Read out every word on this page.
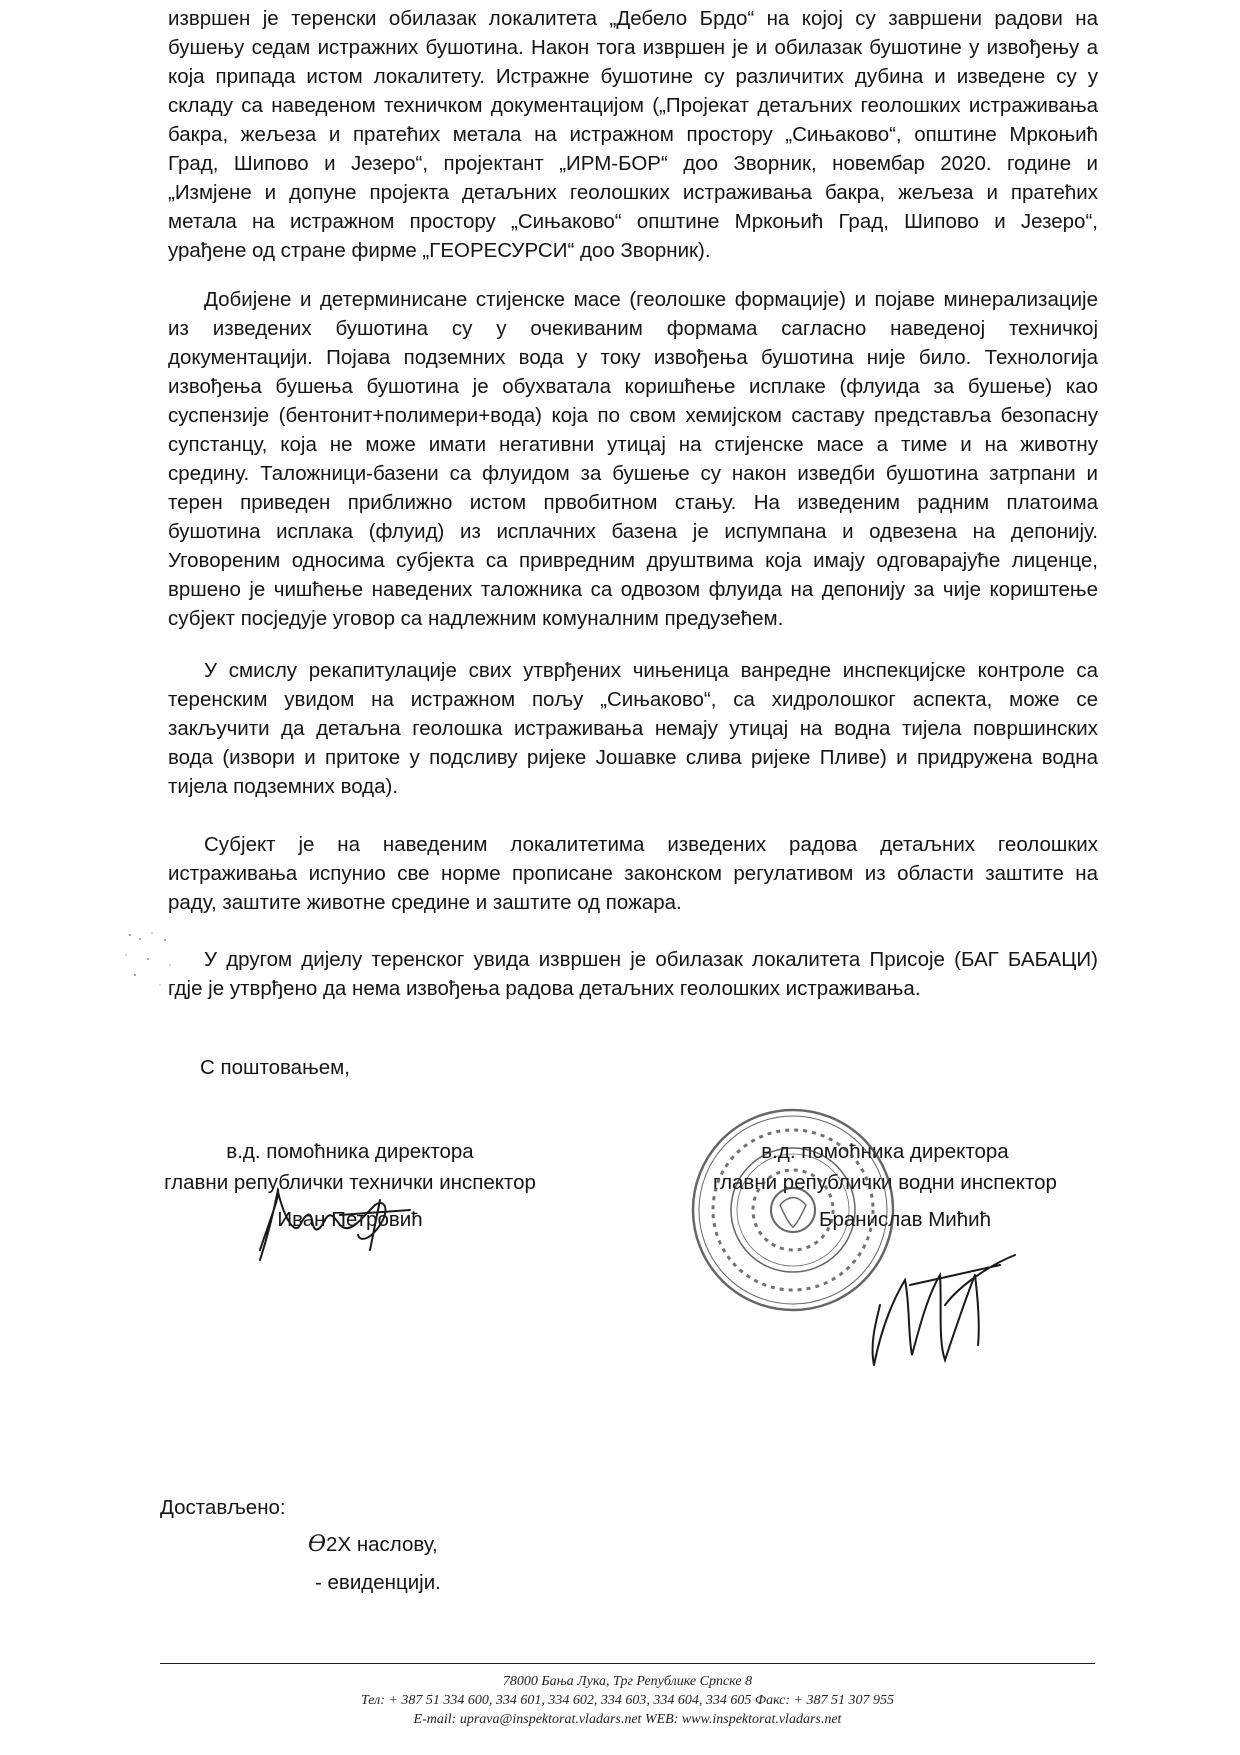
извршен је теренски обилазак локалитета „Дебело Брдо“ на којој су завршени радови на
бушењу седам истражних бушотина. Након тога извршен је и обилазак бушотине у извођењу а
која припада истом локалитету. Истражне бушотине су различитих дубина и изведене су у
складу са наведеном техничком документацијом („Пројекат детаљних геолошких истраживања
бакра, жељеза и пратећих метала на истражном простору „Сињаково“, општине Мркоњић
Град, Шипово и Језеро“, пројектант „ИРМ-БОР“ доо Зворник, новембар 2020. године и
„Измјене и допуне пројекта детаљних геолошких истраживања бакра, жељеза и пратећих
метала на истражном простору „Сињаково“ општине Мркоњић Град, Шипово и Језеро“,
урађене од стране фирме „ГЕОРЕСУРСИ“ доо Зворник).
Добијене и детерминисане стијенске масе (геолошке формације) и појаве минерализације
из изведених бушотина су у очекиваним формама сагласно наведеној техничкој
документацији. Појава подземних вода у току извођења бушотина није било. Технологија
извођења бушења бушотина је обухватала коришћење исплаке (флуида за бушење) као
суспензије (бентонит+полимери+вода) која по свом хемијском саставу представља безопасну
супстанцу, која не може имати негативни утицај на стијенске масе а тиме и на животну
средину. Таложници-базени са флуидом за бушење су након изведби бушотина затрпани и
терен приведен приближно истом првобитном стању. На изведеним радним платоима
бушотина исплака (флуид) из исплачних базена је испумпана и одвезена на депонију.
Уговореним односима субјекта са привредним друштвима која имају одговарајуће лиценце,
вршено је чишћење наведених таложника са одвозом флуида на депонију за чије кориштење
субјект посједује уговор са надлежним комуналним предузећем.
У смислу рекапитулације свих утврђених чињеница ванредне инспекцијске контроле са
теренским увидом на истражном пољу „Сињаково“, са хидролошког аспекта, може се
закључити да детаљна геолошка истраживања немају утицај на водна тијела површинских
вода (извори и притоке у подсливу ријеке Јошавке слива ријеке Пливе) и придружена водна
тијела подземних вода).
Субјект је на наведеним локалитетима изведених радова детаљних геолошких
истраживања испунио све норме прописане законском регулативом из области заштите на
раду, заштите животне средине и заштите од пожара.
У другом дијелу теренског увида извршен је обилазак локалитета Присоје (БАГ БАБАЦИ)
гдје је утврђено да нема извођења радова детаљних геолошких истраживања.
С поштовањем,
в.д. помоћника директора
главни републички технички инспектор
Иван Петровић
в.д. помоћника директора
главни републички водни инспектор
Бранислав Мићић
Достављено:
ϴ2Х наслову,
- евиденцији.
78000 Бања Лука, Трг Републике Српске 8
Тел: + 387 51 334 600, 334 601, 334 602, 334 603, 334 604, 334 605 Факс: + 387 51 307 955
E-mail: uprava@inspektorat.vladars.net WEB: www.inspektorat.vladars.net
